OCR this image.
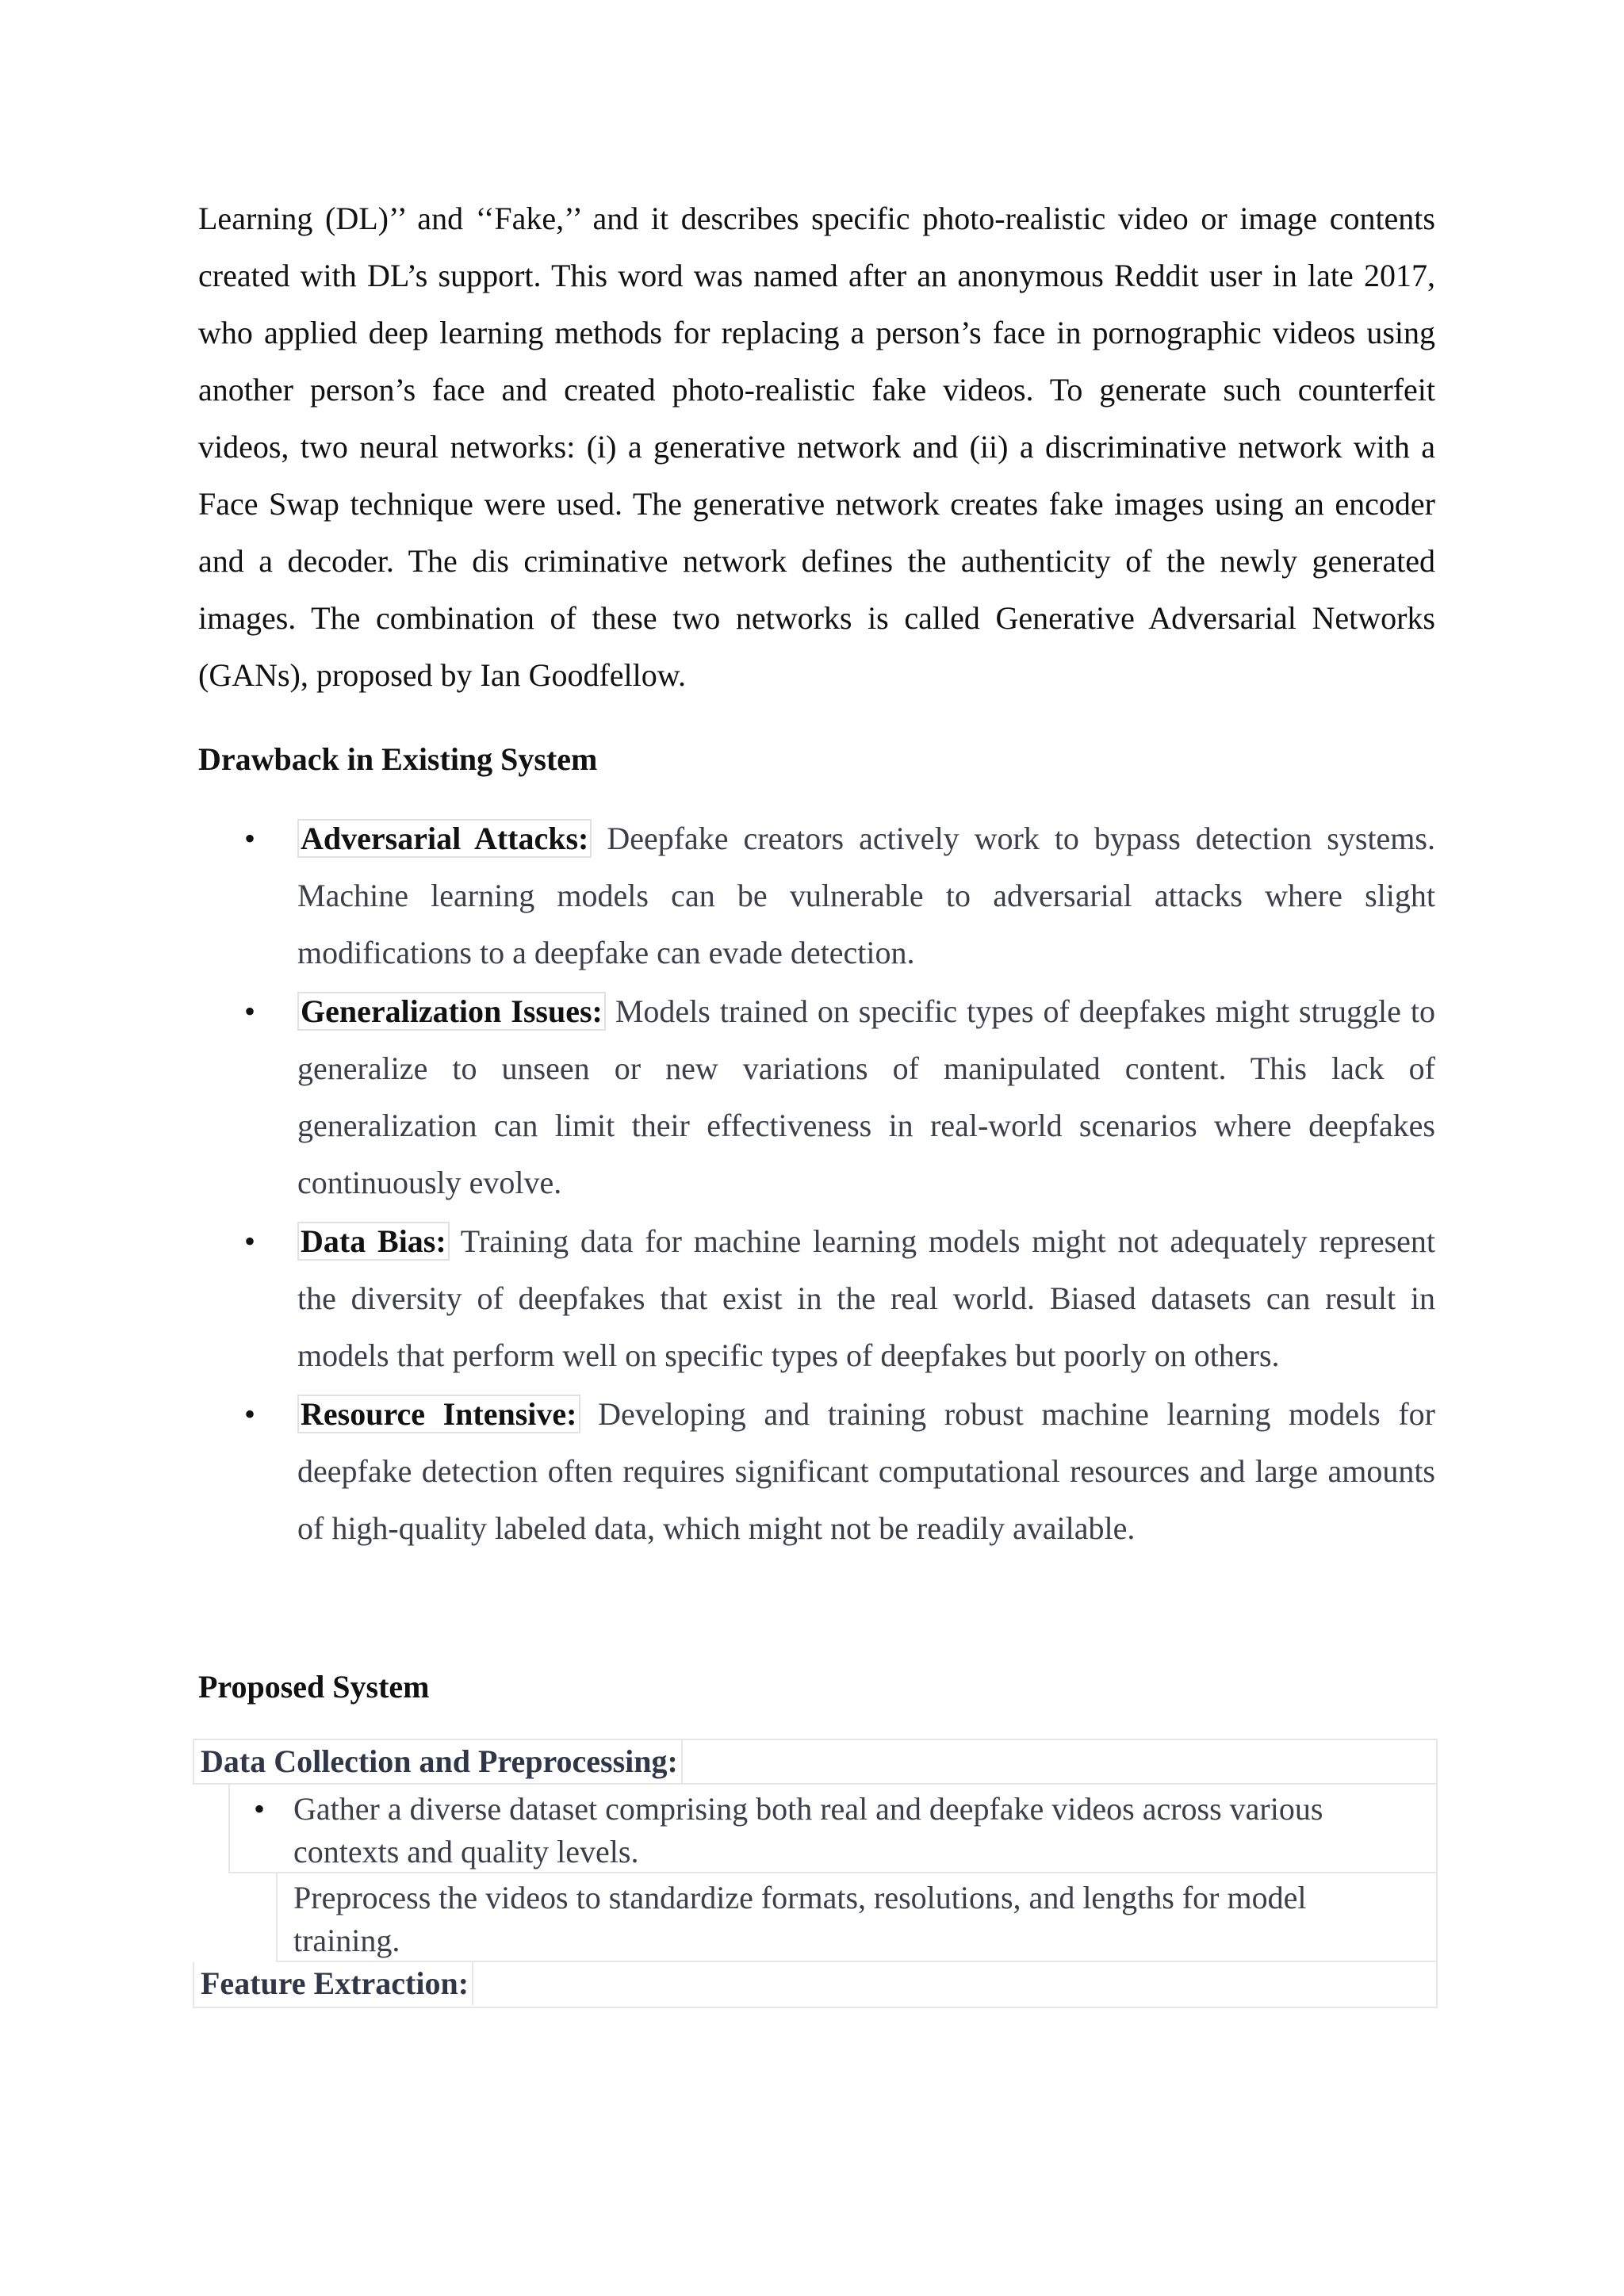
Learning (DL)’’ and ‘‘Fake,’’ and it describes specific photo-realistic video or image contents created with DL’s support. This word was named after an anonymous Reddit user in late 2017, who applied deep learning methods for replacing a person’s face in pornographic videos using another person’s face and created photo-realistic fake videos. To generate such counterfeit videos, two neural networks: (i) a generative network and (ii) a discriminative network with a Face Swap technique were used. The generative network creates fake images using an encoder and a decoder. The dis criminative network defines the authenticity of the newly generated images. The combination of these two networks is called Generative Adversarial Networks (GANs), proposed by Ian Goodfellow.

Drawback in Existing System
• Adversarial Attacks: Deepfake creators actively work to bypass detection systems. Machine learning models can be vulnerable to adversarial attacks where slight modifications to a deepfake can evade detection.
• Generalization Issues: Models trained on specific types of deepfakes might struggle to generalize to unseen or new variations of manipulated content. This lack of generalization can limit their effectiveness in real-world scenarios where deepfakes continuously evolve.
• Data Bias: Training data for machine learning models might not adequately represent the diversity of deepfakes that exist in the real world. Biased datasets can result in models that perform well on specific types of deepfakes but poorly on others.
• Resource Intensive: Developing and training robust machine learning models for deepfake detection often requires significant computational resources and large amounts of high-quality labeled data, which might not be readily available.
Proposed System
Data Collection and Preprocessing:
• Gather a diverse dataset comprising both real and deepfake videos across various contexts and quality levels.
Preprocess the videos to standardize formats, resolutions, and lengths for model training.
Feature Extraction:
